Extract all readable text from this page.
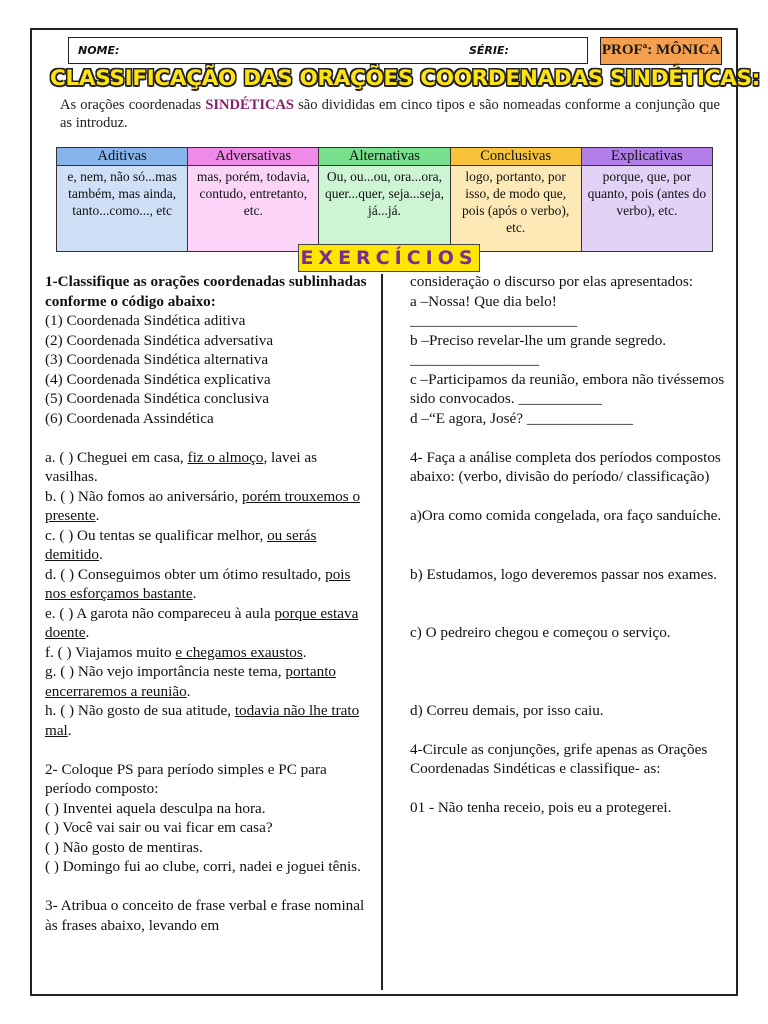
NOME:	SÉRIE:	PROFª: MÔNICA
CLASSIFICAÇÃO DAS ORAÇÕES COORDENADAS SINDÉTICAS:
As orações coordenadas SINDÉTICAS são divididas em cinco tipos e são nomeadas conforme a conjunção que as introduz.
Aditivas	Adversativas	Alternativas	Conclusivas	Explicativas
e, nem, não só...mas também, mas ainda, tanto...como..., etc	mas, porém, todavia, contudo, entretanto, etc.	Ou, ou...ou, ora...ora, quer...quer, seja...seja, já...já.	logo, portanto, por isso, de modo que, pois (após o verbo), etc.	porque, que, por quanto, pois (antes do verbo), etc.
EXERCÍCIOS

1-Classifique as orações coordenadas sublinhadas conforme o código abaixo:

(1) Coordenada Sindética aditiva

(2) Coordenada Sindética adversativa

(3) Coordenada Sindética alternativa

(4) Coordenada Sindética explicativa

(5) Coordenada Sindética conclusiva

(6) Coordenada Assindética

a. ( ) Cheguei em casa, fiz o almoço, lavei as vasilhas.

b. ( ) Não fomos ao aniversário, porém trouxemos o presente.

c. ( ) Ou tentas se qualificar melhor, ou serás demitido.

d. ( ) Conseguimos obter um ótimo resultado, pois nos esforçamos bastante.

e. ( ) A garota não compareceu à aula porque estava doente.

f. ( ) Viajamos muito e chegamos exaustos.

g. ( ) Não vejo importância neste tema, portanto encerraremos a reunião.

h. ( ) Não gosto de sua atitude, todavia não lhe trato mal.

2- Coloque PS para período simples e PC para período composto:

( ) Inventei aquela desculpa na hora.

( ) Você vai sair ou vai ficar em casa?

( ) Não gosto de mentiras.

( ) Domingo fui ao clube, corri, nadei e joguei tênis.

3- Atribua o conceito de frase verbal e frase nominal às frases abaixo, levando em

consideração o discurso por elas apresentados:

a –Nossa! Que dia belo!

______________________

b –Preciso revelar-lhe um grande segredo.

_________________

c –Participamos da reunião, embora não tivéssemos sido convocados. ___________

d –“E agora, José? ______________

4- Faça a análise completa dos períodos compostos abaixo: (verbo, divisão do período/ classificação)

a)Ora como comida congelada, ora faço sanduíche.

b) Estudamos, logo deveremos passar nos exames.

c) O pedreiro chegou e começou o serviço.

d) Correu demais, por isso caiu.

4-Circule as conjunções, grife apenas as Orações Coordenadas Sindéticas e classifique- as:

01 - Não tenha receio, pois eu a protegerei.
